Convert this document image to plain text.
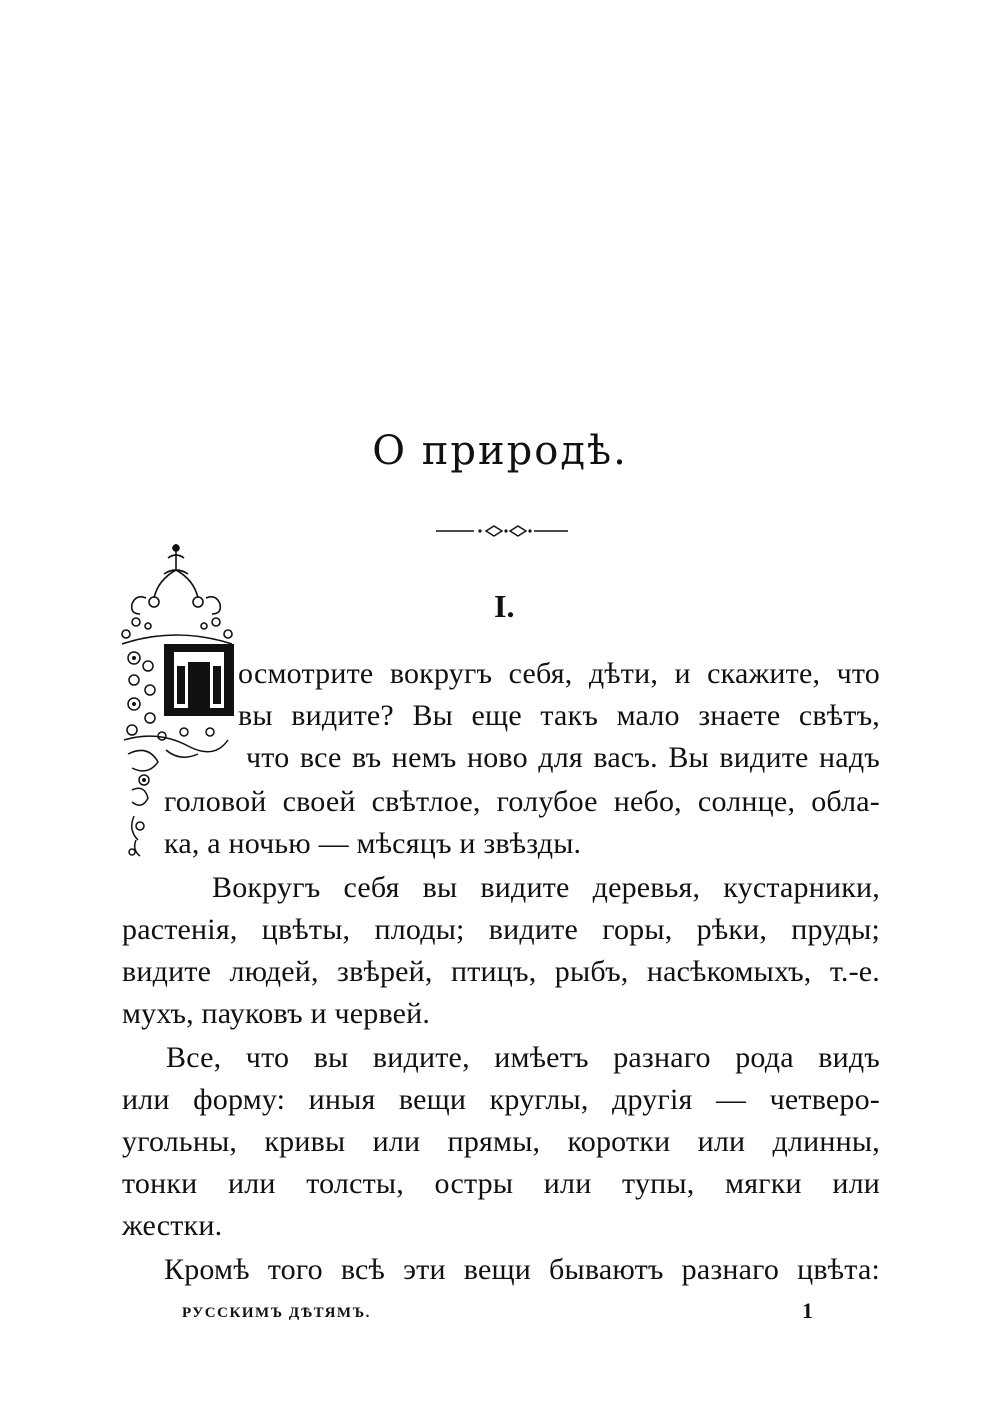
О природѣ.
I.
осмотрите вокругъ себя, дѣти, и скажите, что
вы видите? Вы еще такъ мало знаете свѣтъ,
что все въ немъ ново для васъ. Вы видите надъ
головой своей свѣтлое, голубое небо, солнце, обла-
ка, а ночью — мѣсяцъ и звѣзды.
Вокругъ себя вы видите деревья, кустарники,
растенія, цвѣты, плоды; видите горы, рѣки, пруды;
видите людей, звѣрей, птицъ, рыбъ, насѣкомыхъ, т.-е.
мухъ, пауковъ и червей.
Все, что вы видите, имѣетъ разнаго рода видъ
или форму: иныя вещи круглы, другія — четверо-
угольны, кривы или прямы, коротки или длинны,
тонки или толсты, остры или тупы, мягки или
жестки.
Кромѣ того всѣ эти вещи бываютъ разнаго цвѣта:
РУССКИМЪ ДѢТЯМЪ.	1
